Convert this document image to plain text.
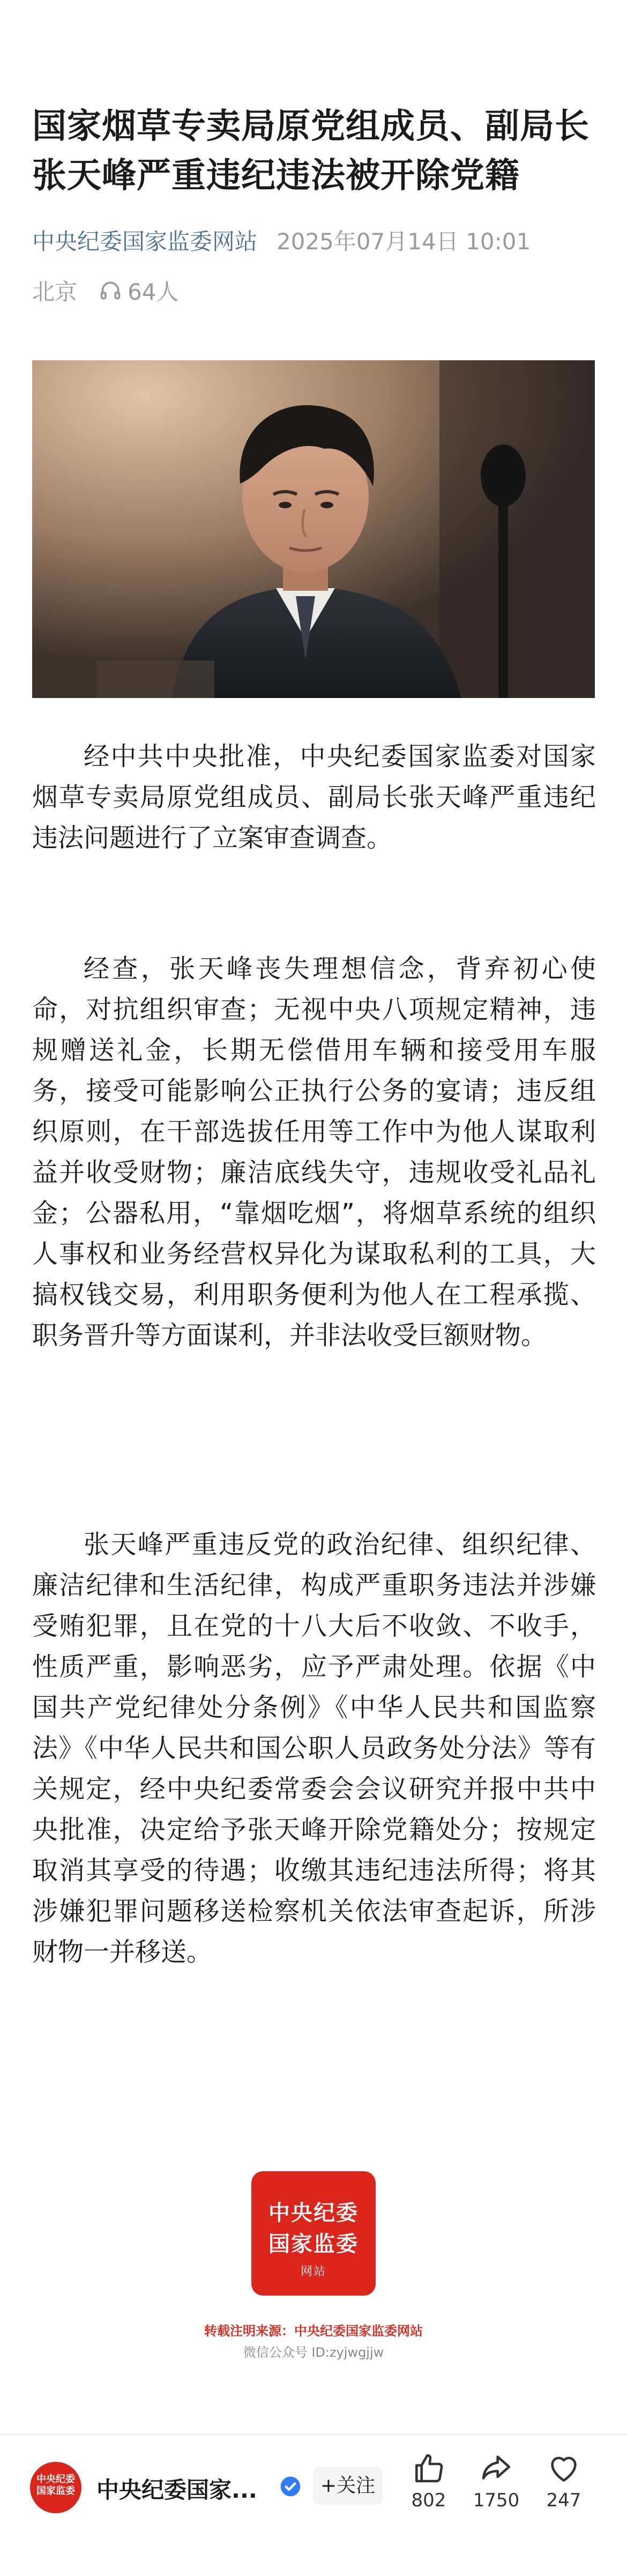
国家烟草专卖局原党组成员、副局长张天峰严重违纪违法被开除党籍
中央纪委国家监委网站 2025年07月14日 10:01
北京 64人

经中共中央批准，中央纪委国家监委对国家烟草专卖局原党组成员、副局长张天峰严重违纪违法问题进行了立案审查调查。

经查，张天峰丧失理想信念，背弃初心使命，对抗组织审查；无视中央八项规定精神，违规赠送礼金，长期无偿借用车辆和接受用车服务，接受可能影响公正执行公务的宴请；违反组织原则，在干部选拔任用等工作中为他人谋取利益并收受财物；廉洁底线失守，违规收受礼品礼金；公器私用，“靠烟吃烟”，将烟草系统的组织人事权和业务经营权异化为谋取私利的工具，大搞权钱交易，利用职务便利为他人在工程承揽、职务晋升等方面谋利，并非法收受巨额财物。

张天峰严重违反党的政治纪律、组织纪律、廉洁纪律和生活纪律，构成严重职务违法并涉嫌受贿犯罪，且在党的十八大后不收敛、不收手，性质严重，影响恶劣，应予严肃处理。依据《中国共产党纪律处分条例》《中华人民共和国监察法》《中华人民共和国公职人员政务处分法》等有关规定，经中央纪委常委会会议研究并报中共中央批准，决定给予张天峰开除党籍处分；按规定取消其享受的待遇；收缴其违纪违法所得；将其涉嫌犯罪问题移送检察机关依法审查起诉，所涉财物一并移送。

中央纪委
国家监委
网站
转载注明来源：中央纪委国家监委网站
微信公众号 ID:zyjwgjjw
中央纪委
国家监委 中央纪委国家...	+关注
802	1750	247
